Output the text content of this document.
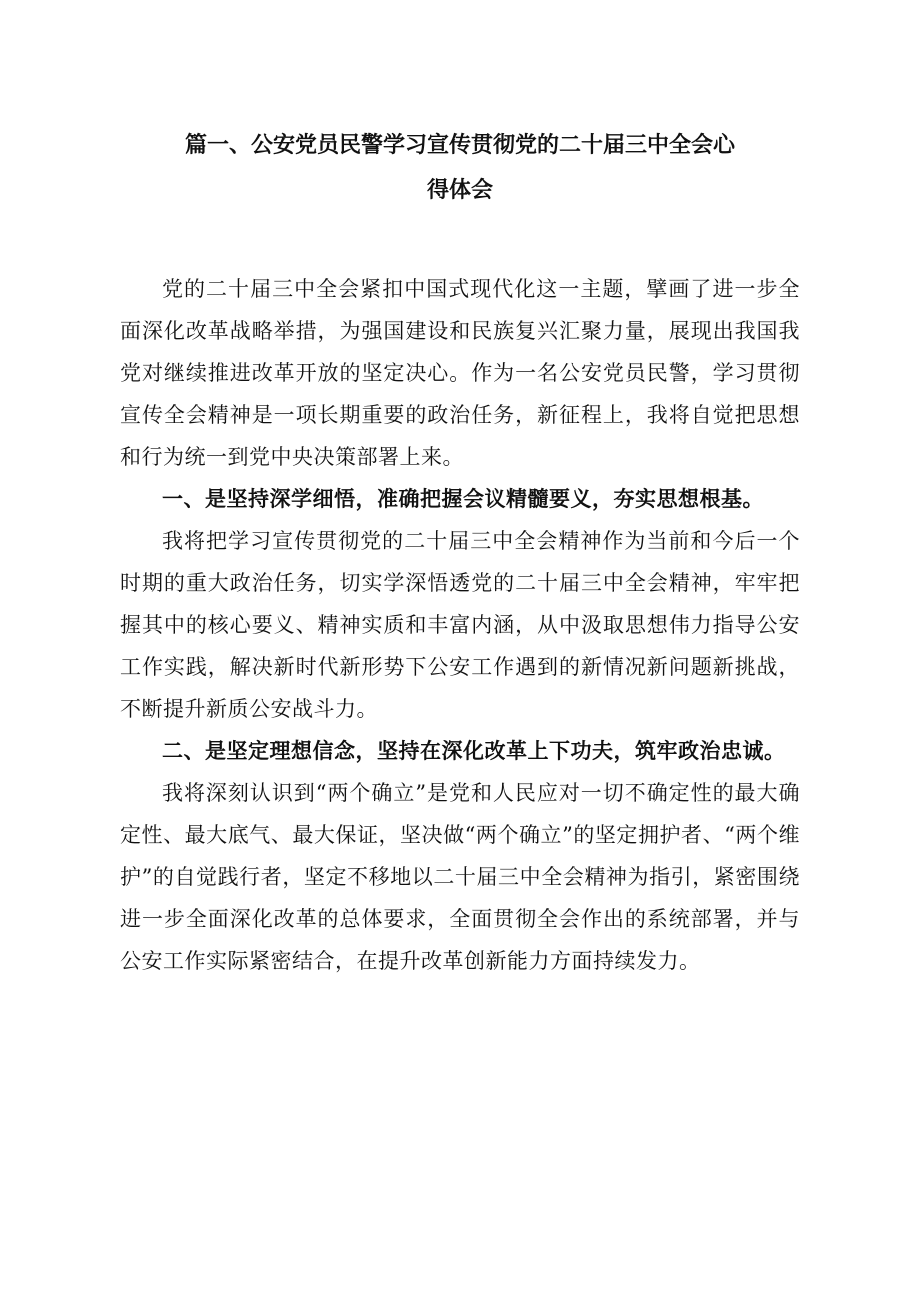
篇一、公安党员民警学习宣传贯彻党的二十届三中全会心
得体会

党的二十届三中全会紧扣中国式现代化这一主题，擘画了进一步全面深化改革战略举措，为强国建设和民族复兴汇聚力量，展现出我国我党对继续推进改革开放的坚定决心。作为一名公安党员民警，学习贯彻宣传全会精神是一项长期重要的政治任务，新征程上，我将自觉把思想和行为统一到党中央决策部署上来。

一、是坚持深学细悟，准确把握会议精髓要义，夯实思想根基。

我将把学习宣传贯彻党的二十届三中全会精神作为当前和今后一个时期的重大政治任务，切实学深悟透党的二十届三中全会精神，牢牢把握其中的核心要义、精神实质和丰富内涵，从中汲取思想伟力指导公安工作实践，解决新时代新形势下公安工作遇到的新情况新问题新挑战，不断提升新质公安战斗力。

二、是坚定理想信念，坚持在深化改革上下功夫，筑牢政治忠诚。

我将深刻认识到“两个确立”是党和人民应对一切不确定性的最大确定性、最大底气、最大保证，坚决做“两个确立”的坚定拥护者、“两个维护”的自觉践行者，坚定不移地以二十届三中全会精神为指引，紧密围绕进一步全面深化改革的总体要求，全面贯彻全会作出的系统部署，并与公安工作实际紧密结合，在提升改革创新能力方面持续发力。
